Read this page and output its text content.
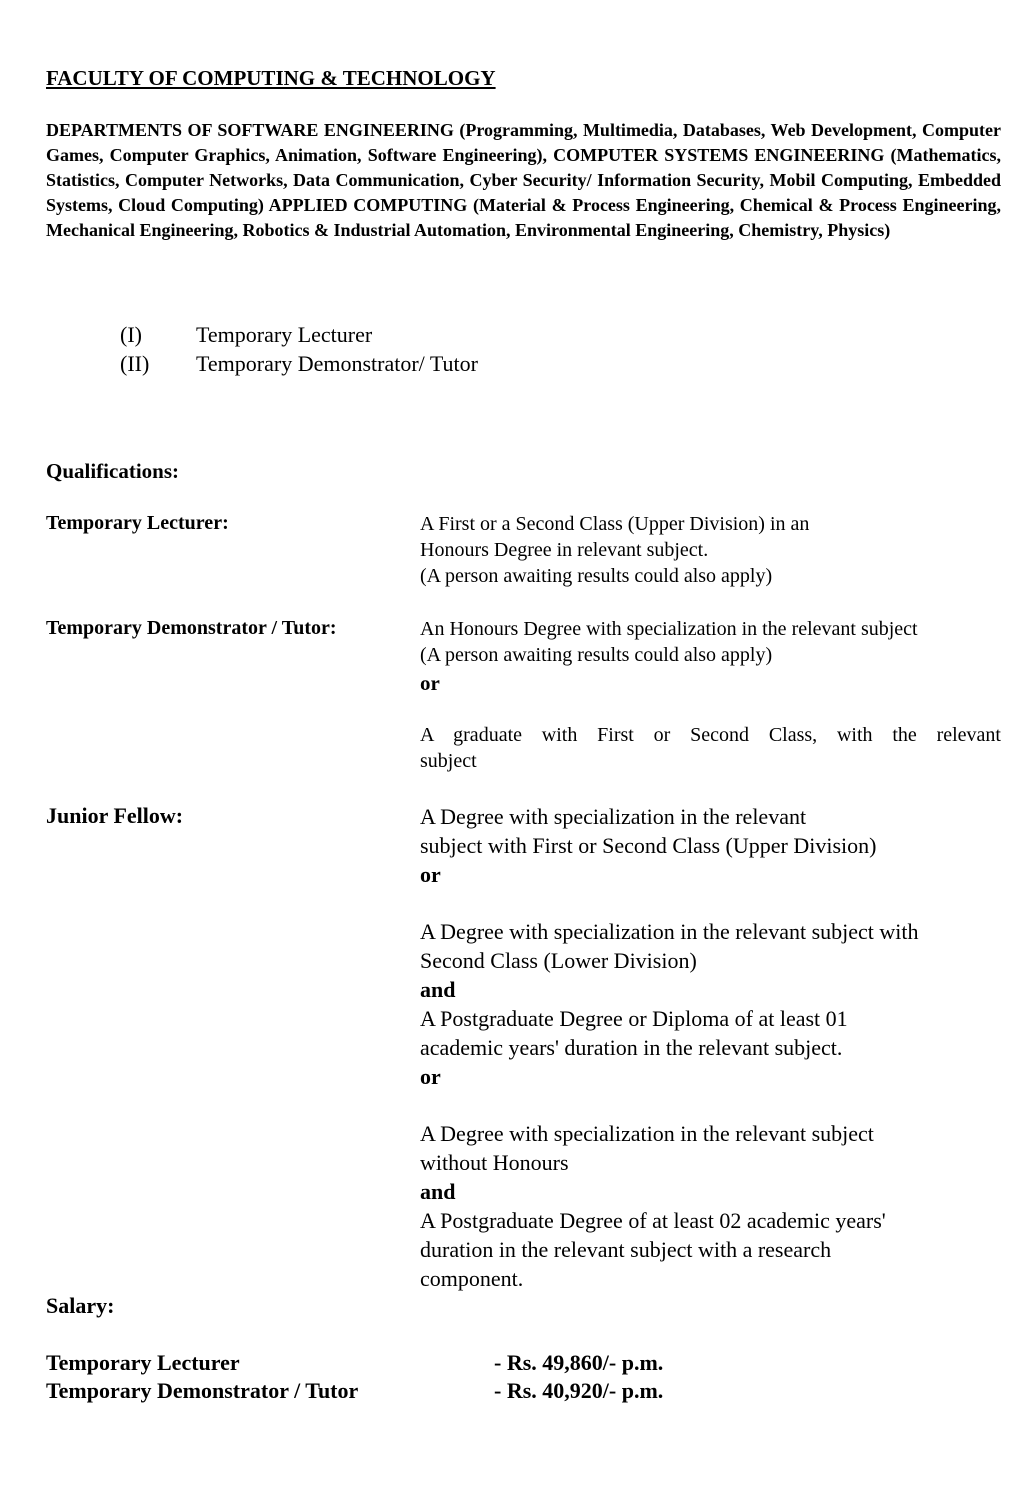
FACULTY OF COMPUTING & TECHNOLOGY
DEPARTMENTS OF SOFTWARE ENGINEERING (Programming, Multimedia, Databases, Web Development, Computer Games, Computer Graphics, Animation, Software Engineering), COMPUTER SYSTEMS ENGINEERING (Mathematics, Statistics, Computer Networks, Data Communication, Cyber Security/ Information Security, Mobil Computing, Embedded Systems, Cloud Computing) APPLIED COMPUTING (Material & Process Engineering, Chemical & Process Engineering, Mechanical Engineering, Robotics & Industrial Automation, Environmental Engineering, Chemistry, Physics)
(I) Temporary Lecturer
(II) Temporary Demonstrator/ Tutor
Qualifications:
Temporary Lecturer:	A First or a Second Class (Upper Division) in an

Honours Degree in relevant subject.

(A person awaiting results could also apply)

Temporary Demonstrator / Tutor:	An Honours Degree with specialization in the relevant subject

(A person awaiting results could also apply)

or

A graduate with First or Second Class, with the relevant

subject

Junior Fellow:	A Degree with specialization in the relevant

subject with First or Second Class (Upper Division)

or

A Degree with specialization in the relevant subject with

Second Class (Lower Division)

and

A Postgraduate Degree or Diploma of at least 01

academic years' duration in the relevant subject.

or

A Degree with specialization in the relevant subject

without Honours

and

A Postgraduate Degree of at least 02 academic years'

duration in the relevant subject with a research

component.

Salary:
Temporary Lecturer	- Rs. 49,860/- p.m.
Temporary Demonstrator / Tutor	- Rs. 40,920/- p.m.
